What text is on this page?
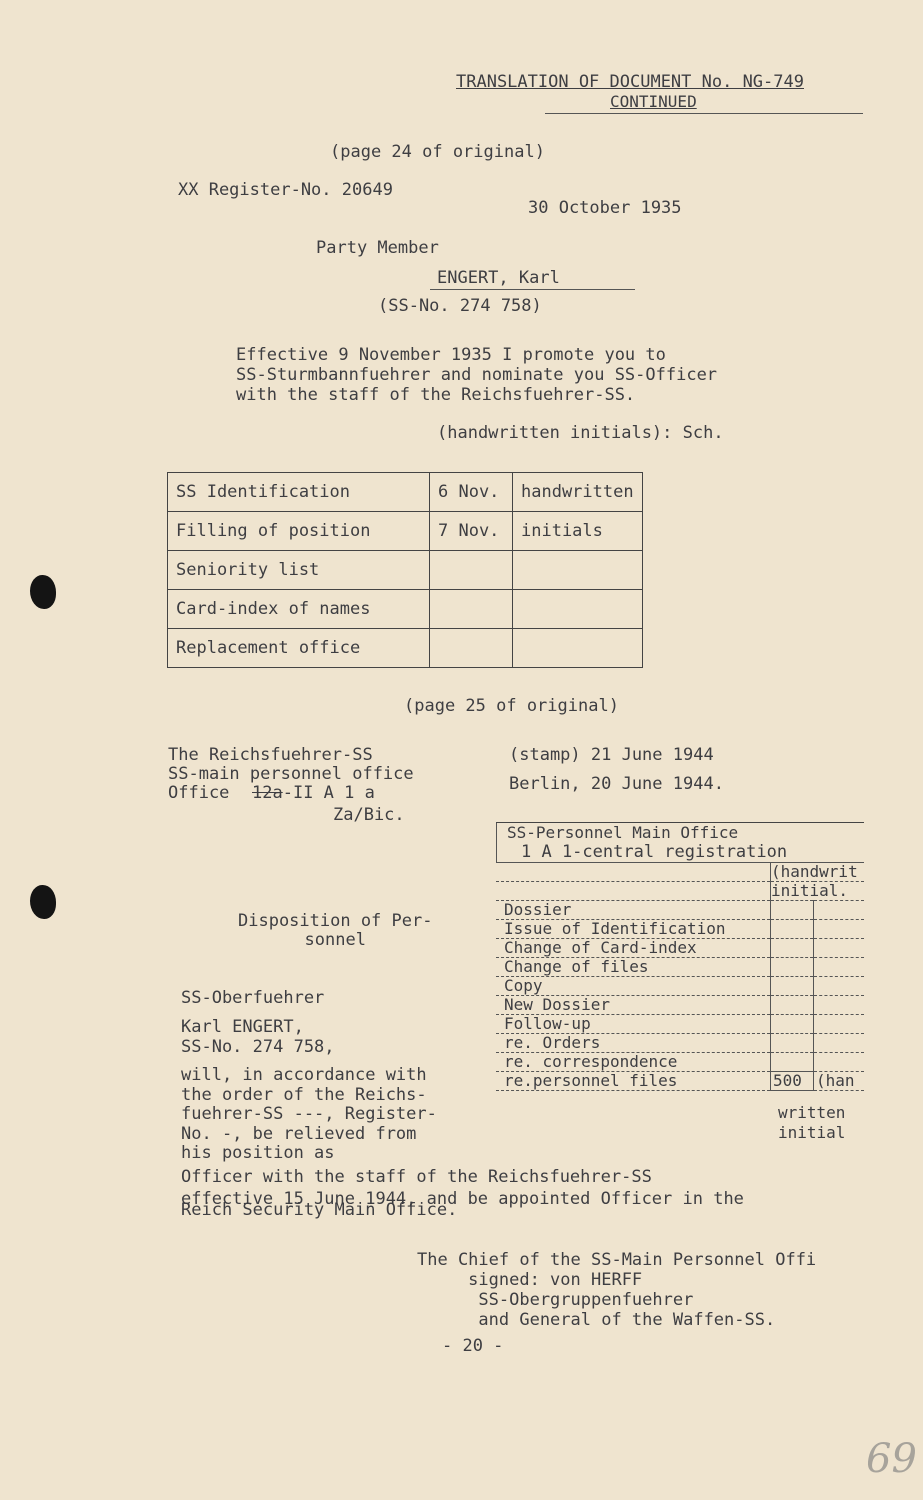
TRANSLATION OF DOCUMENT No. NG-749
CONTINUED
(page 24 of original)
XX Register-No. 20649
30 October 1935
Party Member
ENGERT, Karl
(SS-No. 274 758)
Effective 9 November 1935 I promote you to
SS-Sturmbannfuehrer and nominate you SS-Officer
with the staff of the Reichsfuehrer-SS.
(handwritten initials): Sch.
SS Identification	6 Nov.	handwritten
Filling of position	7 Nov.	initials
Seniority list		
Card-index of names		
Replacement office		
(page 25 of original)
The Reichsfuehrer-SS
SS-main personnel office
Office	12a-II A 1 a
Za/Bic.
(stamp) 21 June 1944
Berlin, 20 June 1944.
SS-Personnel Main Office
1 A 1-central registration
	(handwrit	
	initial.	
Dossier		
Issue of Identification		
Change of Card-index		
Change of files		
Copy		
New Dossier		
Follow-up		
re. Orders		
re. correspondence		
re.personnel files	500	(han
written
initial
Disposition of Per-
sonnel
SS-Oberfuehrer
Karl ENGERT,
SS-No. 274 758,
will, in accordance with
the order of the Reichs-
fuehrer-SS ---, Register-
No. -, be relieved from
his position as
Officer with the staff of the Reichsfuehrer-SS

effective 15 June 1944, and be appointed Officer in the
Reich Security Main Office.
The Chief of the SS-Main Personnel Offi
signed: von HERFF
SS-Obergruppenfuehrer
and General of the Waffen-SS.
- 20 -
69
